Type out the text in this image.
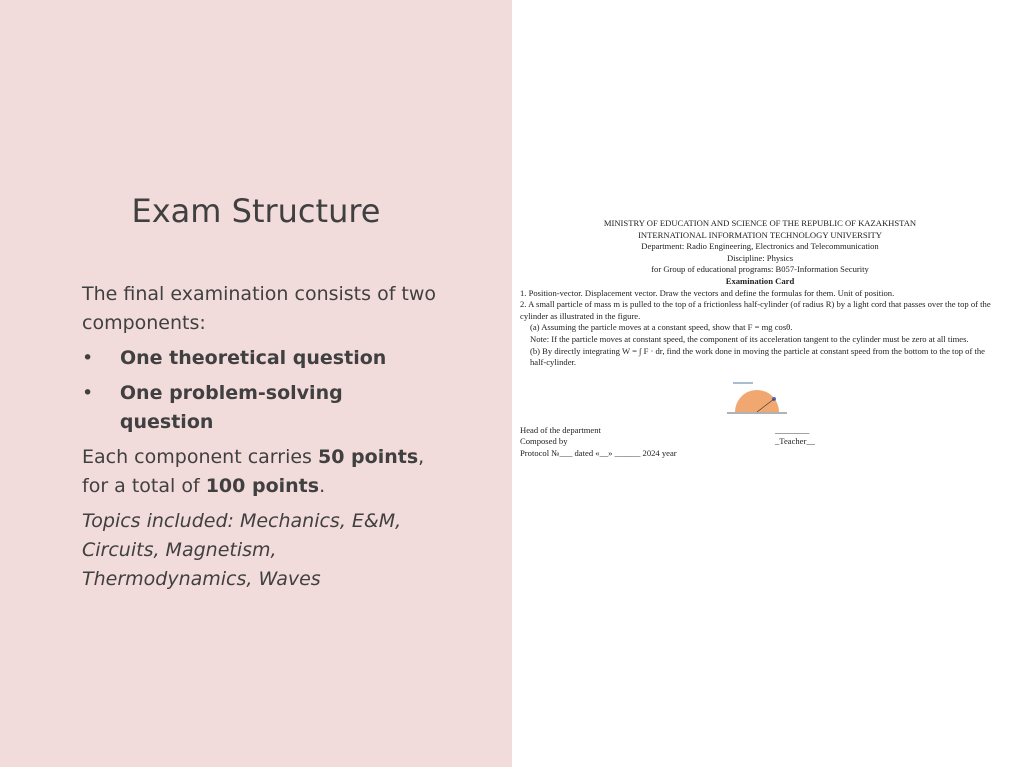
Exam Structure

The final examination consists of two components:

•	One theoretical question
•	One problem-solving question

Each component carries 50 points, for a total of 100 points.

Topics included: Mechanics, E&M, Circuits, Magnetism, Thermodynamics, Waves

MINISTRY OF EDUCATION AND SCIENCE OF THE REPUBLIC OF KAZAKHSTAN
INTERNATIONAL INFORMATION TECHNOLOGY UNIVERSITY
Department: Radio Engineering, Electronics and Telecommunication
Discipline: Physics
for Group of educational programs: B057-Information Security
Examination Card
1. Position-vector. Displacement vector. Draw the vectors and define the formulas for them. Unit of position.
2. A small particle of mass m is pulled to the top of a frictionless half-cylinder (of radius R) by a light cord that passes over the top of the cylinder as illustrated in the figure.
(a) Assuming the particle moves at a constant speed, show that F = mg cosθ.
Note: If the particle moves at constant speed, the component of its acceleration tangent to the cylinder must be zero at all times.
(b) By directly integrating W = ∫ F · dr, find the work done in moving the particle at constant speed from the bottom to the top of the half-cylinder.
Head of the department	________
Composed by	_Teacher__
Protocol №___ dated «__» ______ 2024 year
